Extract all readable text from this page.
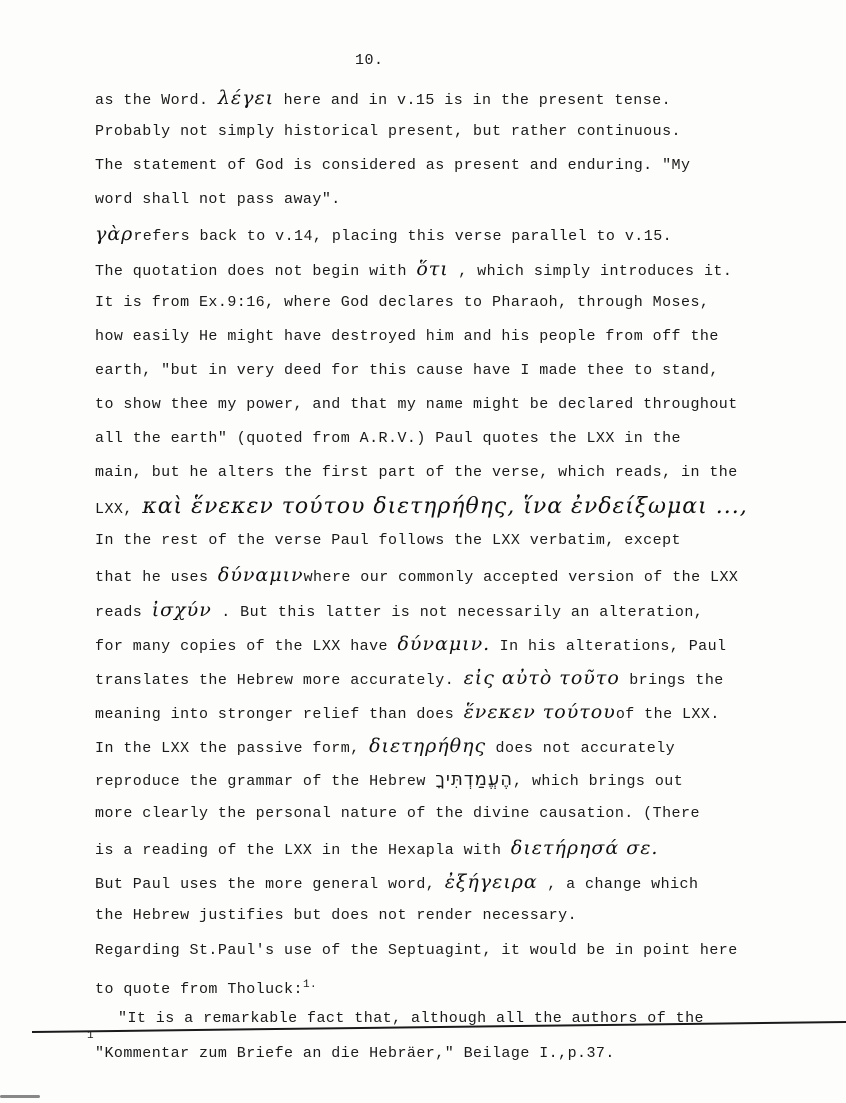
10.
as the Word. λέγει here and in v.15 is in the present tense.
Probably not simply historical present, but rather continuous.
The statement of God is considered as present and enduring. "My
word shall not pass away".
γὰρrefers back to v.14, placing this verse parallel to v.15.
The quotation does not begin with ὅτι , which simply introduces it.
It is from Ex.9:16, where God declares to Pharaoh, through Moses,
how easily He might have destroyed him and his people from off the
earth, "but in very deed for this cause have I made thee to stand,
to show thee my power, and that my name might be declared throughout
all the earth" (quoted from A.R.V.) Paul quotes the LXX in the
main, but he alters the first part of the verse, which reads, in the
LXX, καὶ ἕνεκεν τούτου διετηρήθης, ἵνα ἐνδείξωμαι ...,
In the rest of the verse Paul follows the LXX verbatim, except
that he uses δύναμινwhere our commonly accepted version of the LXX
reads ἰσχύν . But this latter is not necessarily an alteration,
for many copies of the LXX have δύναμιν. In his alterations, Paul
translates the Hebrew more accurately. εἰς αὐτὸ τοῦτο brings the
meaning into stronger relief than does ἕνεκεν τούτουof the LXX.
In the LXX the passive form, διετηρήθης does not accurately
reproduce the grammar of the Hebrew הֶעֱמַדְתִּיךָ, which brings out
more clearly the personal nature of the divine causation. (There
is a reading of the LXX in the Hexapla with διετήρησά σε.
But Paul uses the more general word, ἐξήγειρα , a change which
the Hebrew justifies but does not render necessary.
Regarding St.Paul's use of the Septuagint, it would be in point here
to quote from Tholuck:$^{1.}$
"It is a remarkable fact that, although all the authors of the
1
"Kommentar zum Briefe an die Hebräer," Beilage I.,p.37.
